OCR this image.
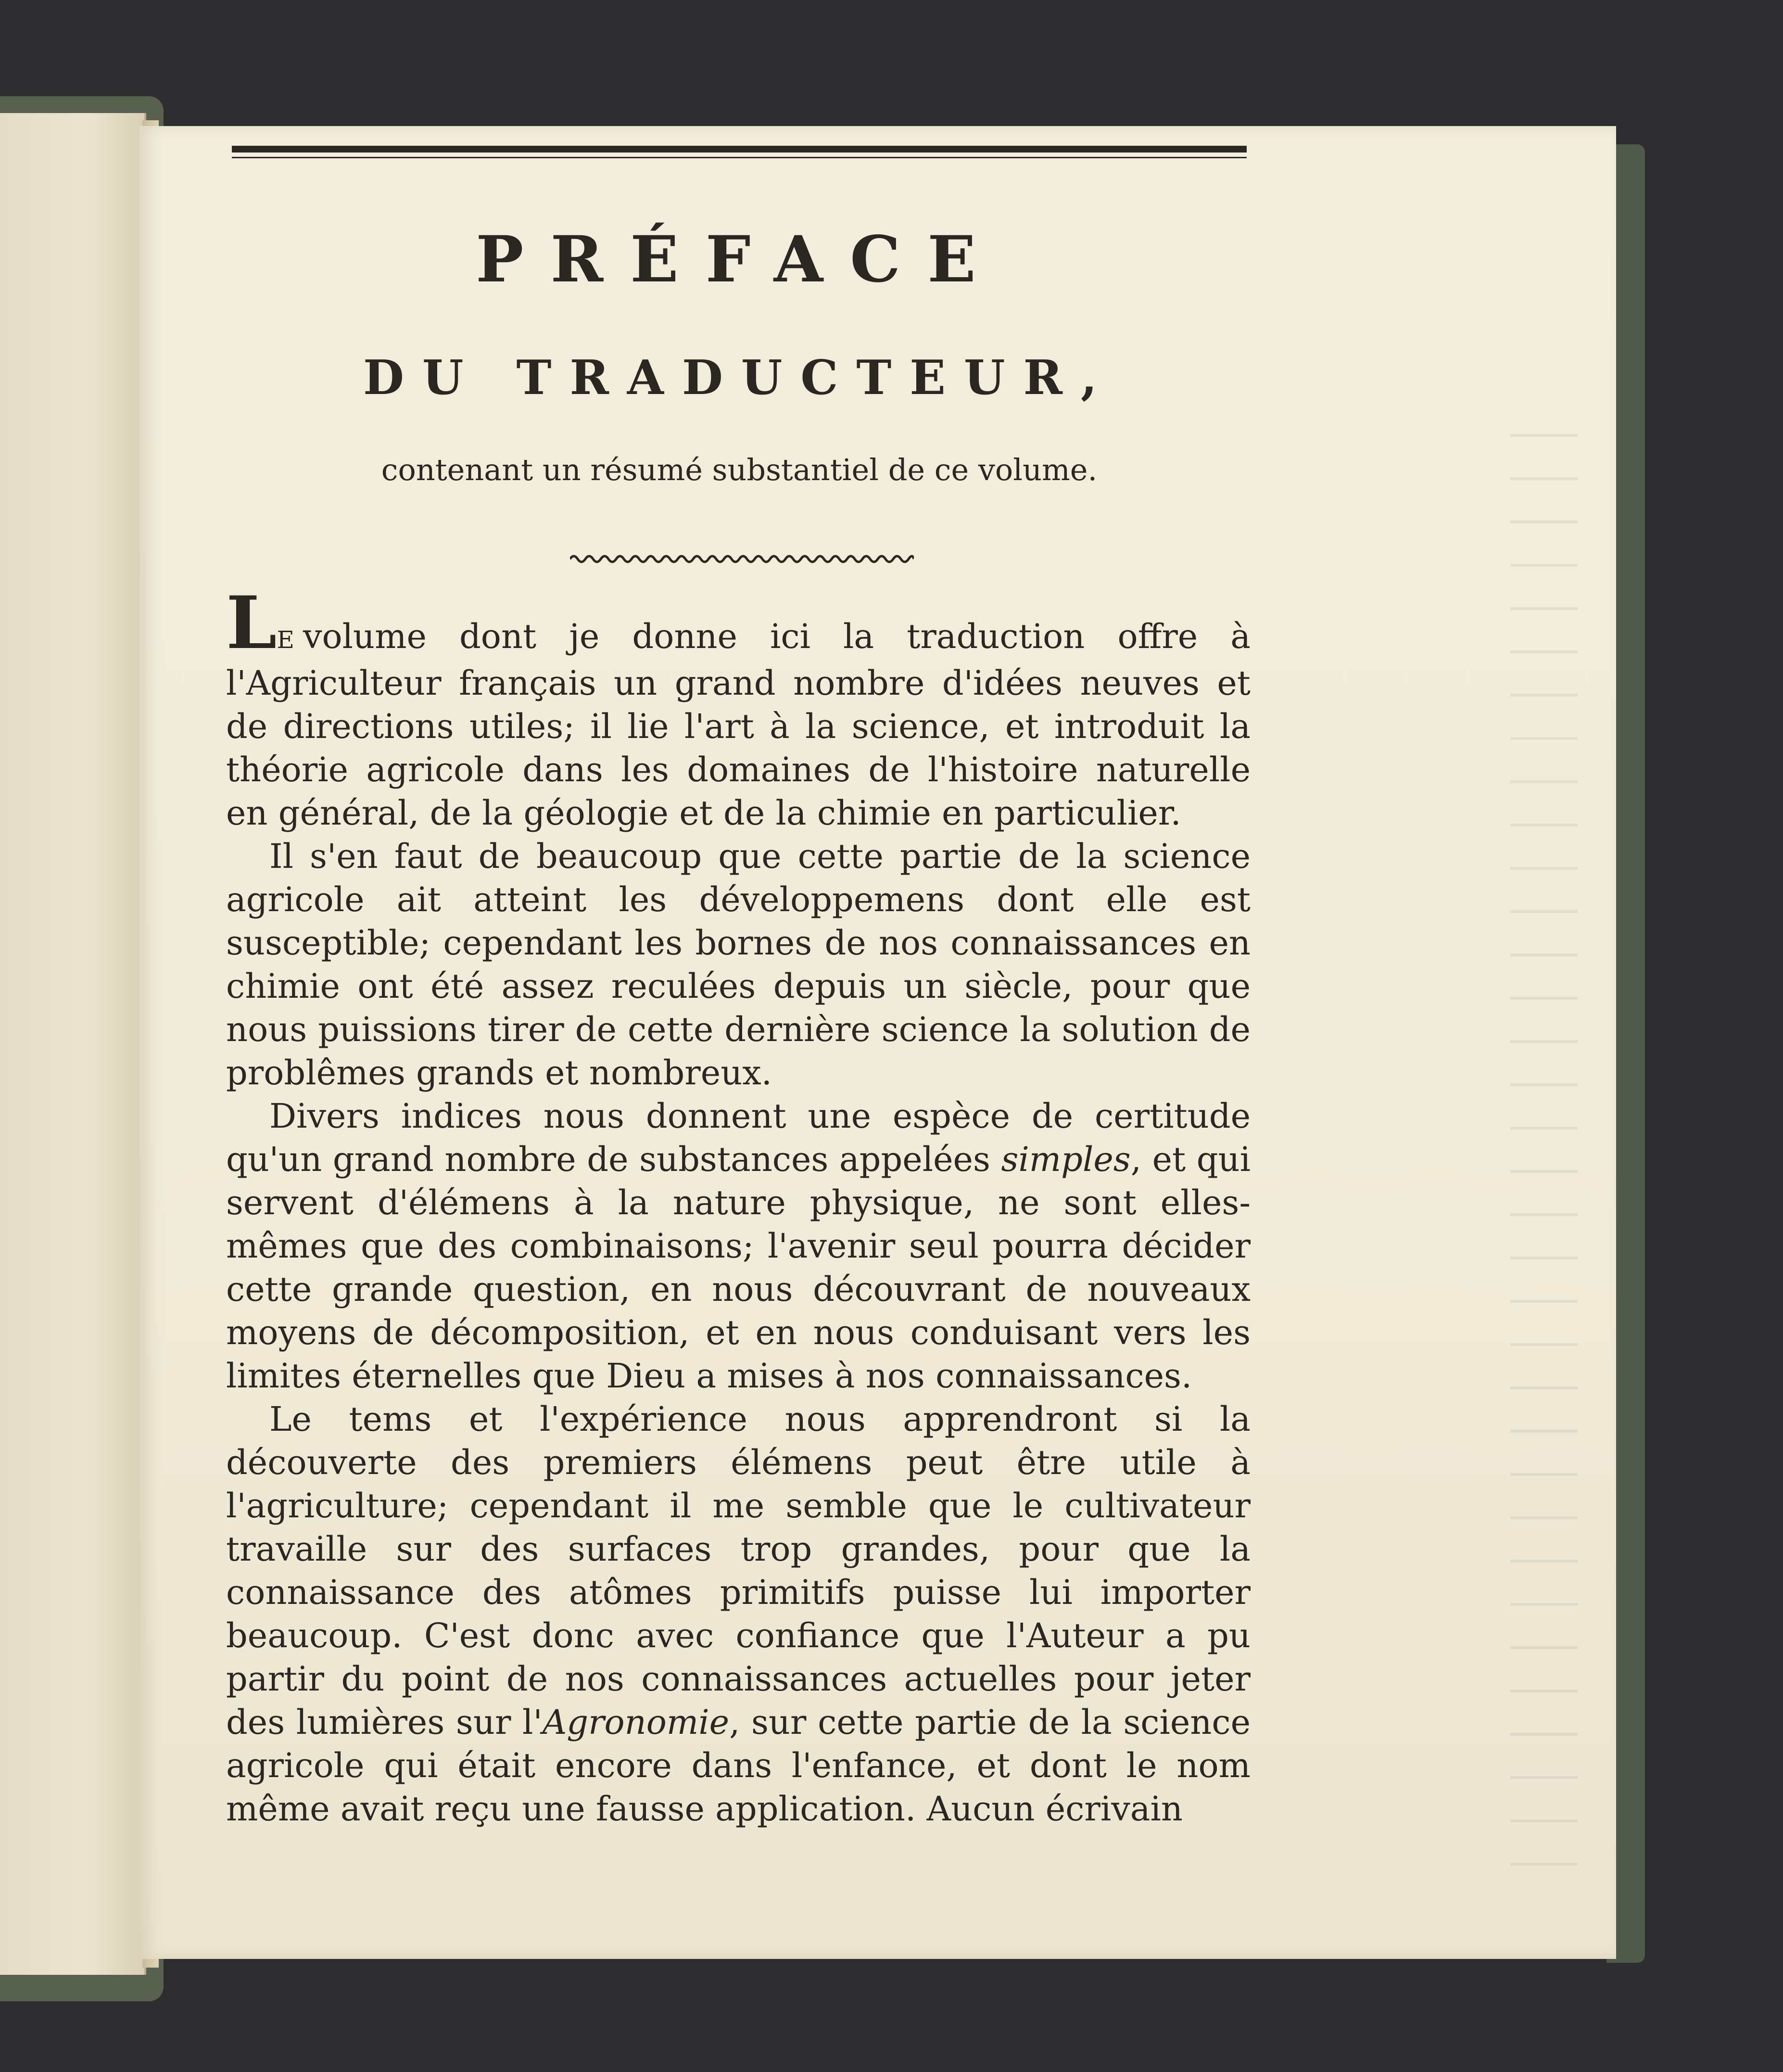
PRÉFACE
DU TRADUCTEUR,

contenant un résumé substantiel de ce volume.

LE volume dont je donne ici la traduction offre à l'Agriculteur français un grand nombre d'idées neuves et de directions utiles; il lie l'art à la science, et introduit la théorie agricole dans les domaines de l'histoire naturelle en général, de la géologie et de la chimie en particulier.

Il s'en faut de beaucoup que cette partie de la science agricole ait atteint les développemens dont elle est susceptible; cependant les bornes de nos connaissances en chimie ont été assez reculées depuis un siècle, pour que nous puissions tirer de cette dernière science la solution de problêmes grands et nombreux.

Divers indices nous donnent une espèce de certitude qu'un grand nombre de substances appelées simples, et qui servent d'élémens à la nature physique, ne sont elles-mêmes que des combinaisons; l'avenir seul pourra décider cette grande question, en nous découvrant de nouveaux moyens de décomposition, et en nous conduisant vers les limites éternelles que Dieu a mises à nos connaissances.

Le tems et l'expérience nous apprendront si la découverte des premiers élémens peut être utile à l'agriculture; cependant il me semble que le cultivateur travaille sur des surfaces trop grandes, pour que la connaissance des atômes primitifs puisse lui importer beaucoup. C'est donc avec confiance que l'Auteur a pu partir du point de nos connaissances actuelles pour jeter des lumières sur l'Agronomie, sur cette partie de la science agricole qui était encore dans l'enfance, et dont le nom même avait reçu une fausse application. Aucun écrivain
